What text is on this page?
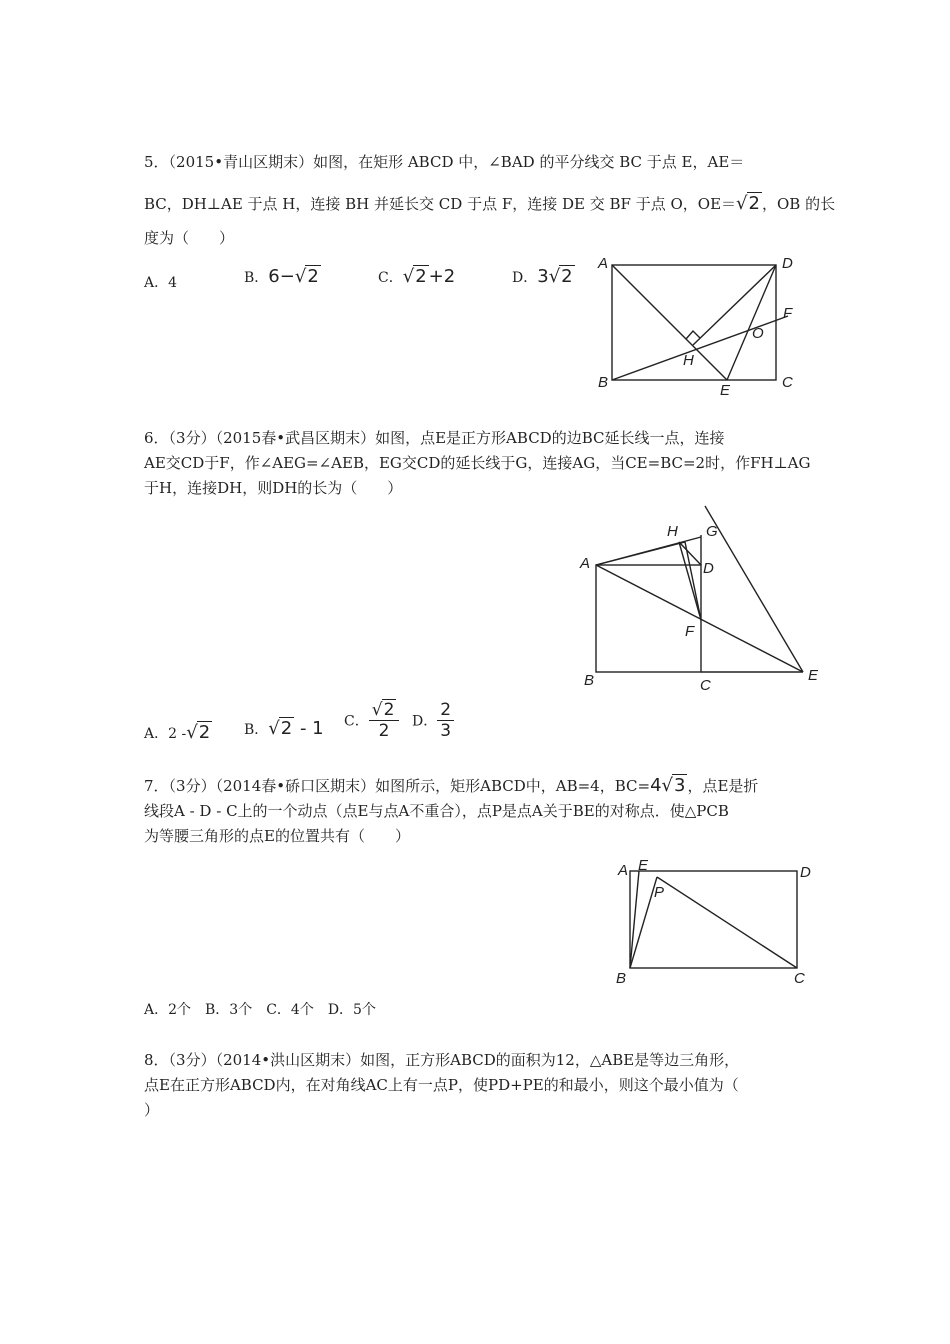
5．（2015•青山区期末）如图，在矩形 ABCD 中，∠BAD 的平分线交 BC 于点 E，AE＝
BC，DH⊥AE 于点 H，连接 BH 并延长交 CD 于点 F，连接 DE 交 BF 于点 O，OE＝√2 ，OB 的长
度为（　　）
A．4	B．6−√2	C．√2 +2	D．3√2
A	D
B	C
E
F
H
O
6．（3分）（2015春•武昌区期末）如图，点E是正方形ABCD的边BC延长线一点，连接
AE交CD于F，作∠AEG=∠AEB，EG交CD的延长线于G，连接AG，当CE=BC=2时，作FH⊥AG
于H，连接DH，则DH的长为（　　）
A
B	C
D
E
F
G
H
A．2 -√2 B．√2 - 1 C． $\frac{√2}{2}$ D． $\frac{2}{3}$
7．（3分）（2014春•硚口区期末）如图所示，矩形ABCD中，AB=4，BC=4√3 ，点E是折
线段A - D - C上的一个动点（点E与点A不重合），点P是点A关于BE的对称点．使△PCB
为等腰三角形的点E的位置共有（　　）
A E	D
P
B	C
A．2个　B．3个　C．4个　D．5个
8．（3分）（2014•洪山区期末）如图，正方形ABCD的面积为12，△ABE是等边三角形，
点E在正方形ABCD内，在对角线AC上有一点P，使PD+PE的和最小，则这个最小值为（
）
